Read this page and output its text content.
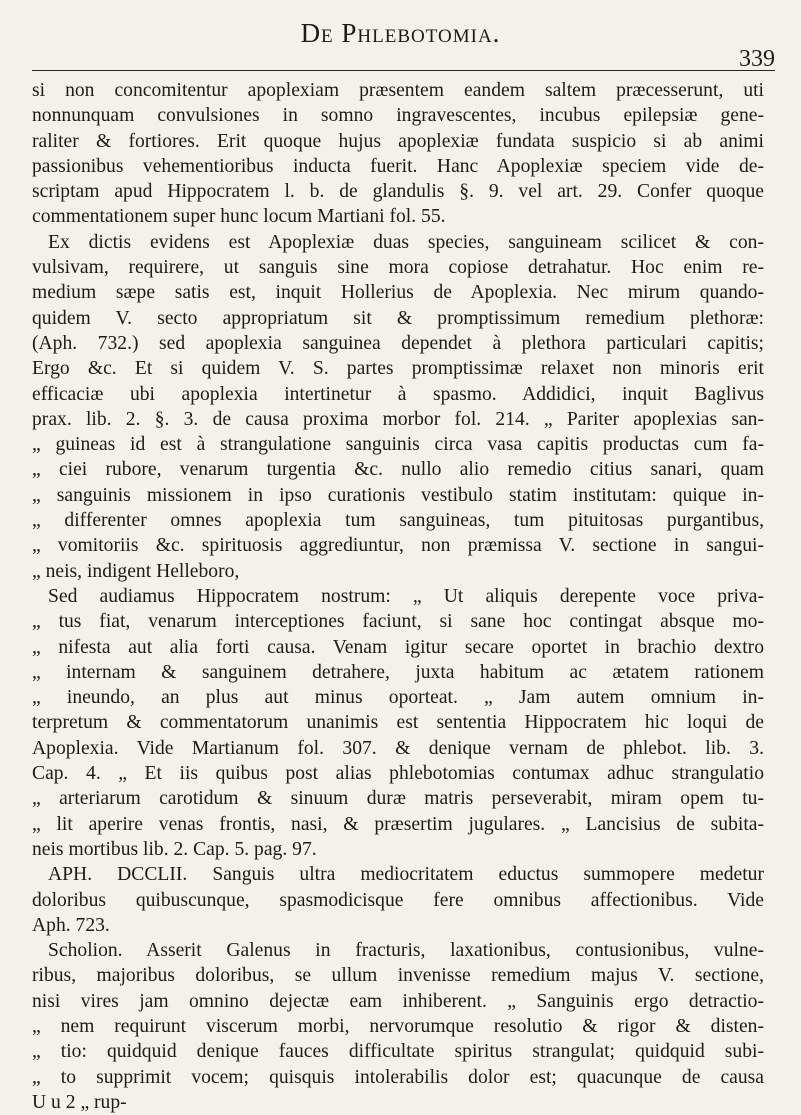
De Phlebotomia.
339
si non concomitentur apoplexiam præsentem eandem saltem præcesserunt, uti
nonnunquam convulsiones in somno ingravescentes, incubus epilepsiæ gene-
raliter & fortiores. Erit quoque hujus apoplexiæ fundata suspicio si ab animi
passionibus vehementioribus inducta fuerit. Hanc Apoplexiæ speciem vide de-
scriptam apud Hippocratem l. b. de glandulis §. 9. vel art. 29. Confer quoque
commentationem super hunc locum Martiani fol. 55.
Ex dictis evidens est Apoplexiæ duas species, sanguineam scilicet & con-
vulsivam, requirere, ut sanguis sine mora copiose detrahatur. Hoc enim re-
medium sæpe satis est, inquit Hollerius de Apoplexia. Nec mirum quando-
quidem V. secto appropriatum sit & promptissimum remedium plethoræ:
(Aph. 732.) sed apoplexia sanguinea dependet à plethora particulari capitis;
Ergo &c. Et si quidem V. S. partes promptissimæ relaxet non minoris erit
efficaciæ ubi apoplexia intertinetur à spasmo. Addidici, inquit Baglivus
prax. lib. 2. §. 3. de causa proxima morbor fol. 214. „ Pariter apoplexias san-
„ guineas id est à strangulatione sanguinis circa vasa capitis productas cum fa-
„ ciei rubore, venarum turgentia &c. nullo alio remedio citius sanari, quam
„ sanguinis missionem in ipso curationis vestibulo statim institutam: quique in-
„ differenter omnes apoplexia tum sanguineas, tum pituitosas purgantibus,
„ vomitoriis &c. spirituosis aggrediuntur, non præmissa V. sectione in sangui-
„ neis, indigent Helleboro,
Sed audiamus Hippocratem nostrum: „ Ut aliquis derepente voce priva-
„ tus fiat, venarum interceptiones faciunt, si sane hoc contingat absque mo-
„ nifesta aut alia forti causa. Venam igitur secare oportet in brachio dextro
„ internam & sanguinem detrahere, juxta habitum ac ætatem rationem
„ ineundo, an plus aut minus oporteat. „ Jam autem omnium in-
terpretum & commentatorum unanimis est sententia Hippocratem hic loqui de
Apoplexia. Vide Martianum fol. 307. & denique vernam de phlebot. lib. 3.
Cap. 4. „ Et iis quibus post alias phlebotomias contumax adhuc strangulatio
„ arteriarum carotidum & sinuum duræ matris perseverabit, miram opem tu-
„ lit aperire venas frontis, nasi, & præsertim jugulares. „ Lancisius de subita-
neis mortibus lib. 2. Cap. 5. pag. 97.
APH. DCCLII. Sanguis ultra mediocritatem eductus summopere medetur
doloribus quibuscunque, spasmodicisque fere omnibus affectionibus. Vide
Aph. 723.
Scholion. Asserit Galenus in fracturis, laxationibus, contusionibus, vulne-
ribus, majoribus doloribus, se ullum invenisse remedium majus V. sectione,
nisi vires jam omnino dejectæ eam inhiberent. „ Sanguinis ergo detractio-
„ nem requirunt viscerum morbi, nervorumque resolutio & rigor & disten-
„ tio: quidquid denique fauces difficultate spiritus strangulat; quidquid subi-
„ to supprimit vocem; quisquis intolerabilis dolor est; quacunque de causa
U u 2 „ rup-
